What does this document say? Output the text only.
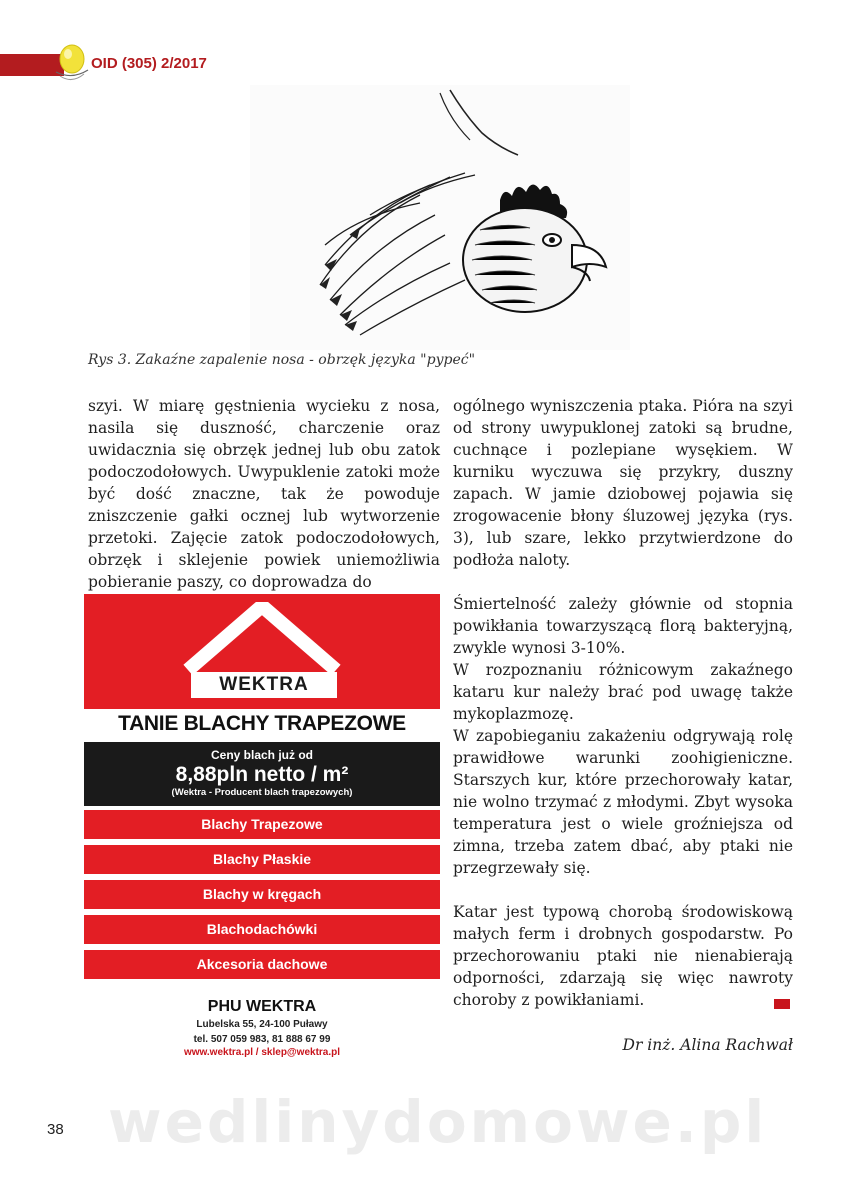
OID (305) 2/2017
Rys 3. Zakaźne zapalenie nosa - obrzęk języka "pypeć"

szyi. W miarę gęstnienia wycieku z nosa, nasila się duszność, charczenie oraz uwidacznia się obrzęk jednej lub obu zatok podoczodołowych. Uwypuklenie zatoki może być dość znaczne, tak że powoduje zniszczenie gałki ocznej lub wytworzenie przetoki. Zajęcie zatok podoczodołowych, obrzęk i sklejenie powiek uniemożliwia pobieranie paszy, co doprowadza do

ogólnego wyniszczenia ptaka. Pióra na szyi od strony uwypuklonej zatoki są brudne, cuchnące i pozlepiane wysękiem. W kurniku wyczuwa się przykry, duszny zapach. W jamie dziobowej pojawia się zrogowacenie błony śluzowej języka (rys. 3), lub szare, lekko przytwierdzone do podłoża naloty.

Śmiertelność zależy głównie od stopnia powikłania towarzyszącą florą bakteryjną, zwykle wynosi 3-10%.

W rozpoznaniu różnicowym zakaźnego kataru kur należy brać pod uwagę także mykoplazmozę.

W zapobieganiu zakażeniu odgrywają rolę prawidłowe warunki zoohigieniczne. Starszych kur, które przechorowały katar, nie wolno trzymać z młodymi. Zbyt wysoka temperatura jest o wiele groźniejsza od zimna, trzeba zatem dbać, aby ptaki nie przegrzewały się.

Katar jest typową chorobą środowiskową małych ferm i drobnych gospodarstw. Po przechorowaniu ptaki nie nienabierają odporności, zdarzają się więc nawroty choroby z powikłaniami.

WEKTRA
TANIE BLACHY TRAPEZOWE
Ceny blach już od
8,88pln netto / m²
(Wektra - Producent blach trapezowych)
Blachy Trapezowe
Blachy Płaskie
Blachy w kręgach
Blachodachówki
Akcesoria dachowe
PHU WEKTRA
Lubelska 55, 24-100 Puławy
tel. 507 059 983, 81 888 67 99
www.wektra.pl / sklep@wektra.pl	Dr inż. Alina Rachwał
wedlinydomowe.pl
38
